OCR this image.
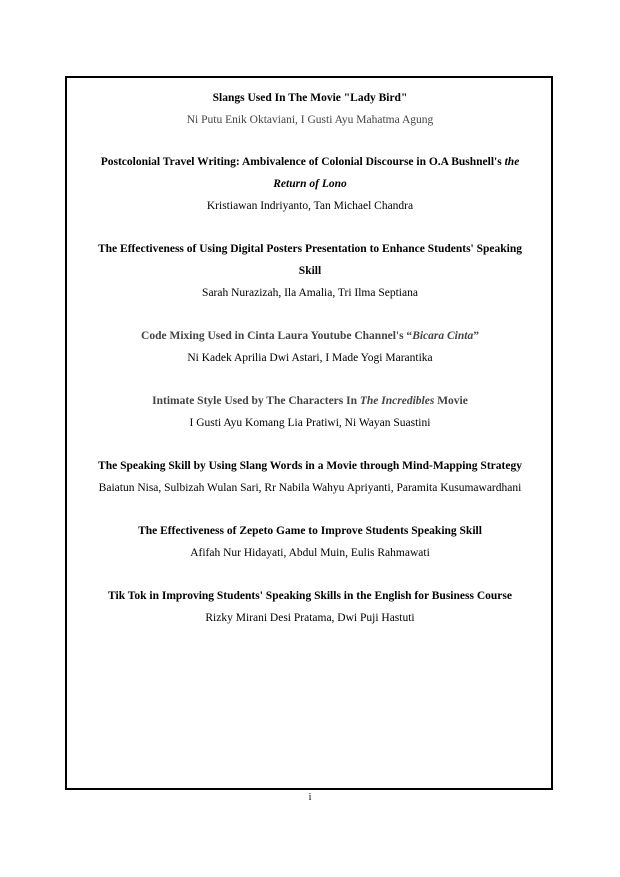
Slangs Used In The Movie "Lady Bird"

Ni Putu Enik Oktaviani, I Gusti Ayu Mahatma Agung

Postcolonial Travel Writing: Ambivalence of Colonial Discourse in O.A Bushnell's the
Return of Lono

Kristiawan Indriyanto, Tan Michael Chandra

The Effectiveness of Using Digital Posters Presentation to Enhance Students' Speaking
Skill

Sarah Nurazizah, Ila Amalia, Tri Ilma Septiana

Code Mixing Used in Cinta Laura Youtube Channel's “Bicara Cinta”

Ni Kadek Aprilia Dwi Astari, I Made Yogi Marantika

Intimate Style Used by The Characters In The Incredibles Movie

I Gusti Ayu Komang Lia Pratiwi, Ni Wayan Suastini

The Speaking Skill by Using Slang Words in a Movie through Mind-Mapping Strategy

Baiatun Nisa, Sulbizah Wulan Sari, Rr Nabila Wahyu Apriyanti, Paramita Kusumawardhani

The Effectiveness of Zepeto Game to Improve Students Speaking Skill

Afifah Nur Hidayati, Abdul Muin, Eulis Rahmawati

Tik Tok in Improving Students' Speaking Skills in the English for Business Course

Rizky Mirani Desi Pratama, Dwi Puji Hastuti

i
